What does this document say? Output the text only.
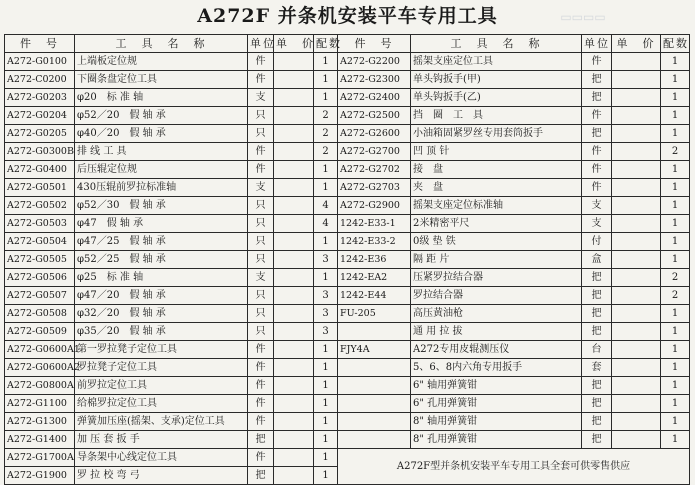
A272F 并条机安装平车专用工具
件　号	工　具　名　称	单位	单　价	配数	件　号	工　具　名　称	单位	单　价	配数
A272-G0100	上端板定位规	件		1	A272-G2200	摇架支座定位工具	件		1
A272-C0200	下圈条盘定位工具	件		1	A272-G2300	单头钩扳手(甲)	把		1
A272-G0203	φ20　标 准 轴	支		1	A272-G2400	单头钩扳手(乙)	把		1
A272-G0204	φ52／20　假 轴 承	只		2	A272-G2500	挡　圈　工　具	件		1
A272-G0205	φ40／20　假 轴 承	只		2	A272-G2600	小油箱固紧罗丝专用套筒扳手	把		1
A272-G0300B	排 线 工 具	件		2	A272-G2700	凹 顶 针	件		2
A272-G0400	后压辊定位规	件		1	A272-G2702	接　盘	件		1
A272-G0501	430压辊前罗拉标准轴	支		1	A272-G2703	夹　盘	件		1
A272-G0502	φ52／30　假 轴 承	只		4	A272-G2900	摇架支座定位标准轴	支		1
A272-G0503	φ47　假 轴 承	只		4	1242-E33-1	2米精密平尺	支		1
A272-G0504	φ47／25　假 轴 承	只		1	1242-E33-2	0级 垫 铁	付		1
A272-G0505	φ52／25　假 轴 承	只		3	1242-E36	隔 距 片	盒		1
A272-G0506	φ25　标 准 轴	支		1	1242-EA2	压紧罗拉结合器	把		2
A272-G0507	φ47／20　假 轴 承	只		3	1242-E44	罗拉结合器	把		2
A272-G0508	φ32／20　假 轴 承	只		3	FU-205	高压黄油枪	把		1
A272-G0509	φ35／20　假 轴 承	只		3		通 用 拉 拔	把		1
A272-G0600A1	第一罗拉凳子定位工具	件		1	FJY4A	A272专用皮辊测压仪	台		1
A272-G0600A2	罗拉凳子定位工具	件		1		5、6、8内六角专用扳手	套		1
A272-G0800A	前罗拉定位工具	件		1		6" 轴用弹簧钳	把		1
A272-G1100	给棉罗拉定位工具	件		1		6" 孔用弹簧钳	把		1
A272-G1300	弹簧加压座(摇架、支承)定位工具	件		1		8" 轴用弹簧钳	把		1
A272-G1400	加 压 套 扳 手	把		1		8" 孔用弹簧钳	把		1
A272-G1700A	导条架中心线定位工具	件		1	A272F型并条机安装平车专用工具全套可供零售供应				
A272-G1900	罗 拉 校 弯 弓	把		1					
▭▭▭▭
